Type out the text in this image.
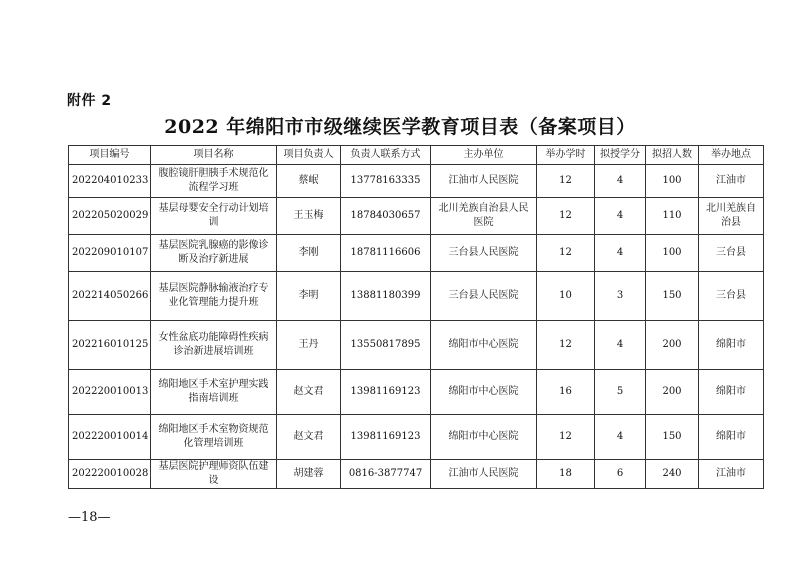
附件 2
2022 年绵阳市市级继续医学教育项目表（备案项目）
项目编号	项目名称	项目负责人	负责人联系方式	主办单位	举办学时	拟授学分	拟招人数	举办地点
202204010233	腹腔镜肝胆胰手术规范化流程学习班	蔡岷	13778163335	江油市人民医院	12	4	100	江油市
202205020029	基层母婴安全行动计划培训	王玉梅	18784030657	北川羌族自治县人民医院	12	4	110	北川羌族自治县
202209010107	基层医院乳腺癌的影像诊断及治疗新进展	李刚	18781116606	三台县人民医院	12	4	100	三台县
202214050266	基层医院静脉输液治疗专业化管理能力提升班	李明	13881180399	三台县人民医院	10	3	150	三台县
202216010125	女性盆底功能障碍性疾病诊治新进展培训班	王丹	13550817895	绵阳市中心医院	12	4	200	绵阳市
202220010013	绵阳地区手术室护理实践指南培训班	赵文君	13981169123	绵阳市中心医院	16	5	200	绵阳市
202220010014	绵阳地区手术室物资规范化管理培训班	赵文君	13981169123	绵阳市中心医院	12	4	150	绵阳市
202220010028	基层医院护理师资队伍建设	胡建蓉	0816-3877747	江油市人民医院	18	6	240	江油市
—18—
